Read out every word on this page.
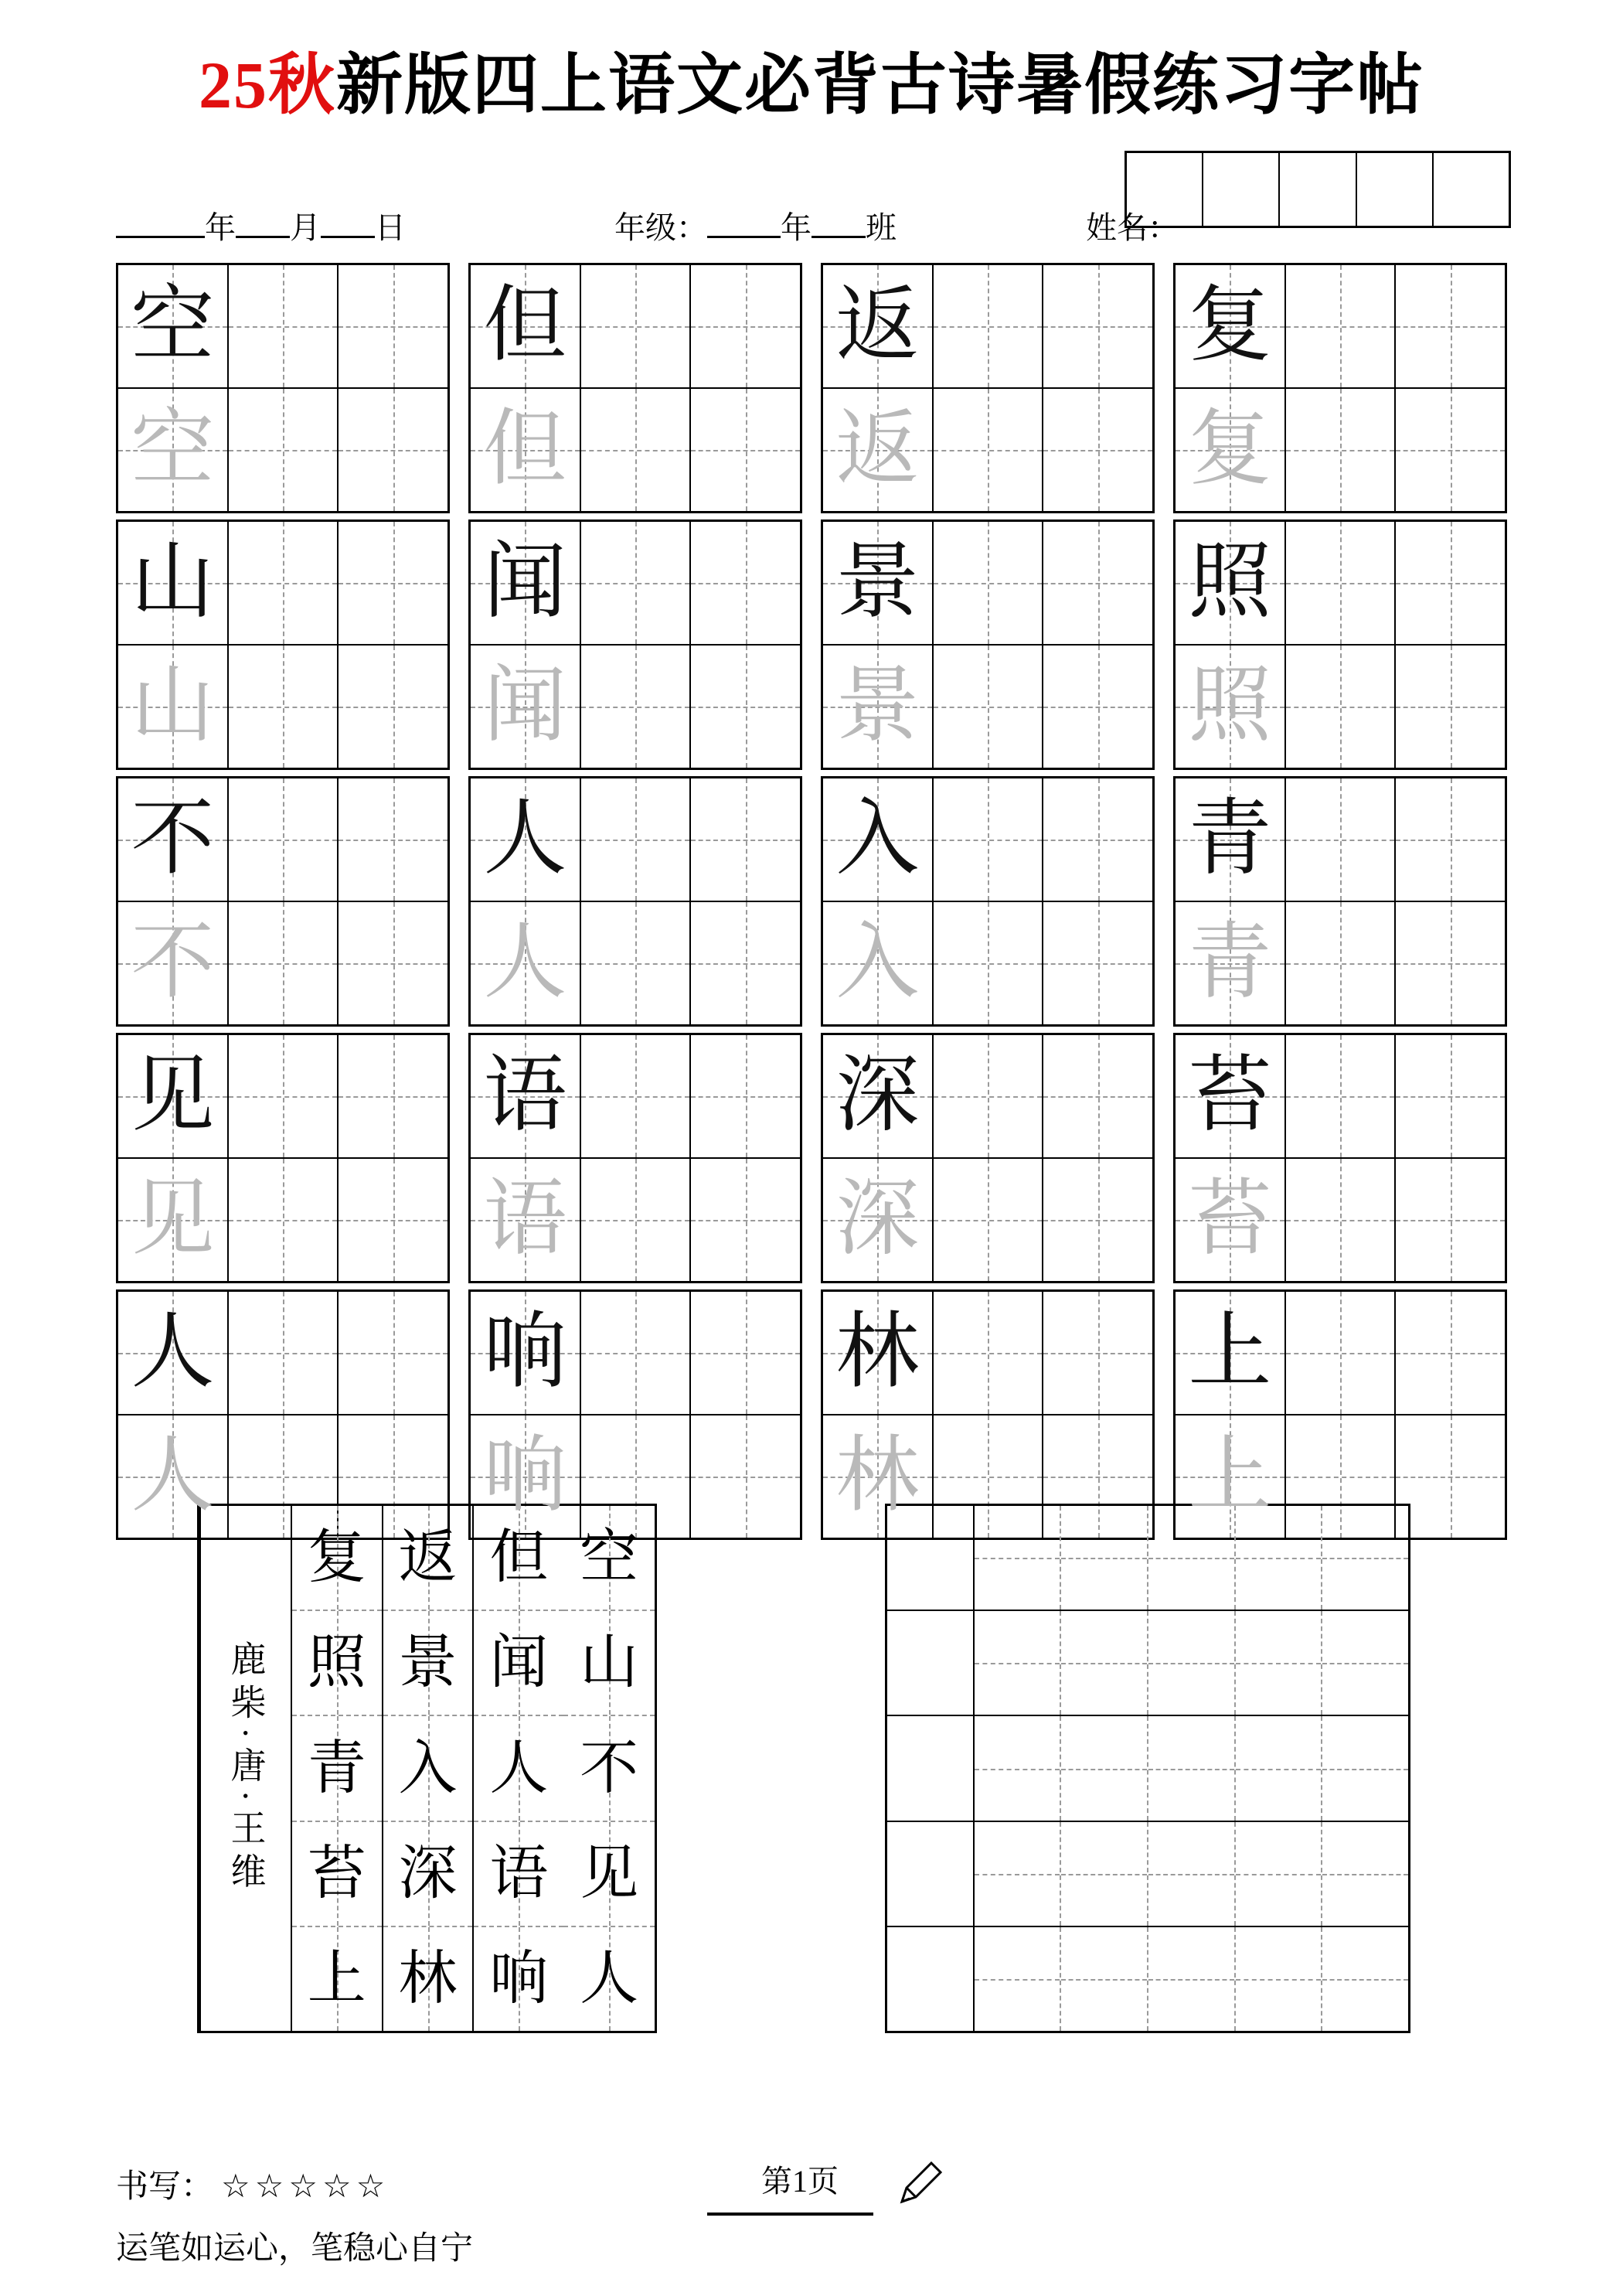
25秋新版四上语文必背古诗暑假练习字帖
年 月 日	年级： 年 班	姓名：
空
空
但
但
返
返
复
复
山
山
闻
闻
景
景
照
照
不
不
人
人
入
入
青
青
见
见
语
语
深
深
苔
苔
人
人
响
响
林
林
上
上
空
山
不
见
人
但
闻
人
语
响
返
景
入
深
林
复
照
青
苔
上
鹿柴·唐·王维
书写： ☆☆☆☆☆
运笔如运心，笔稳心自宁
第1页
